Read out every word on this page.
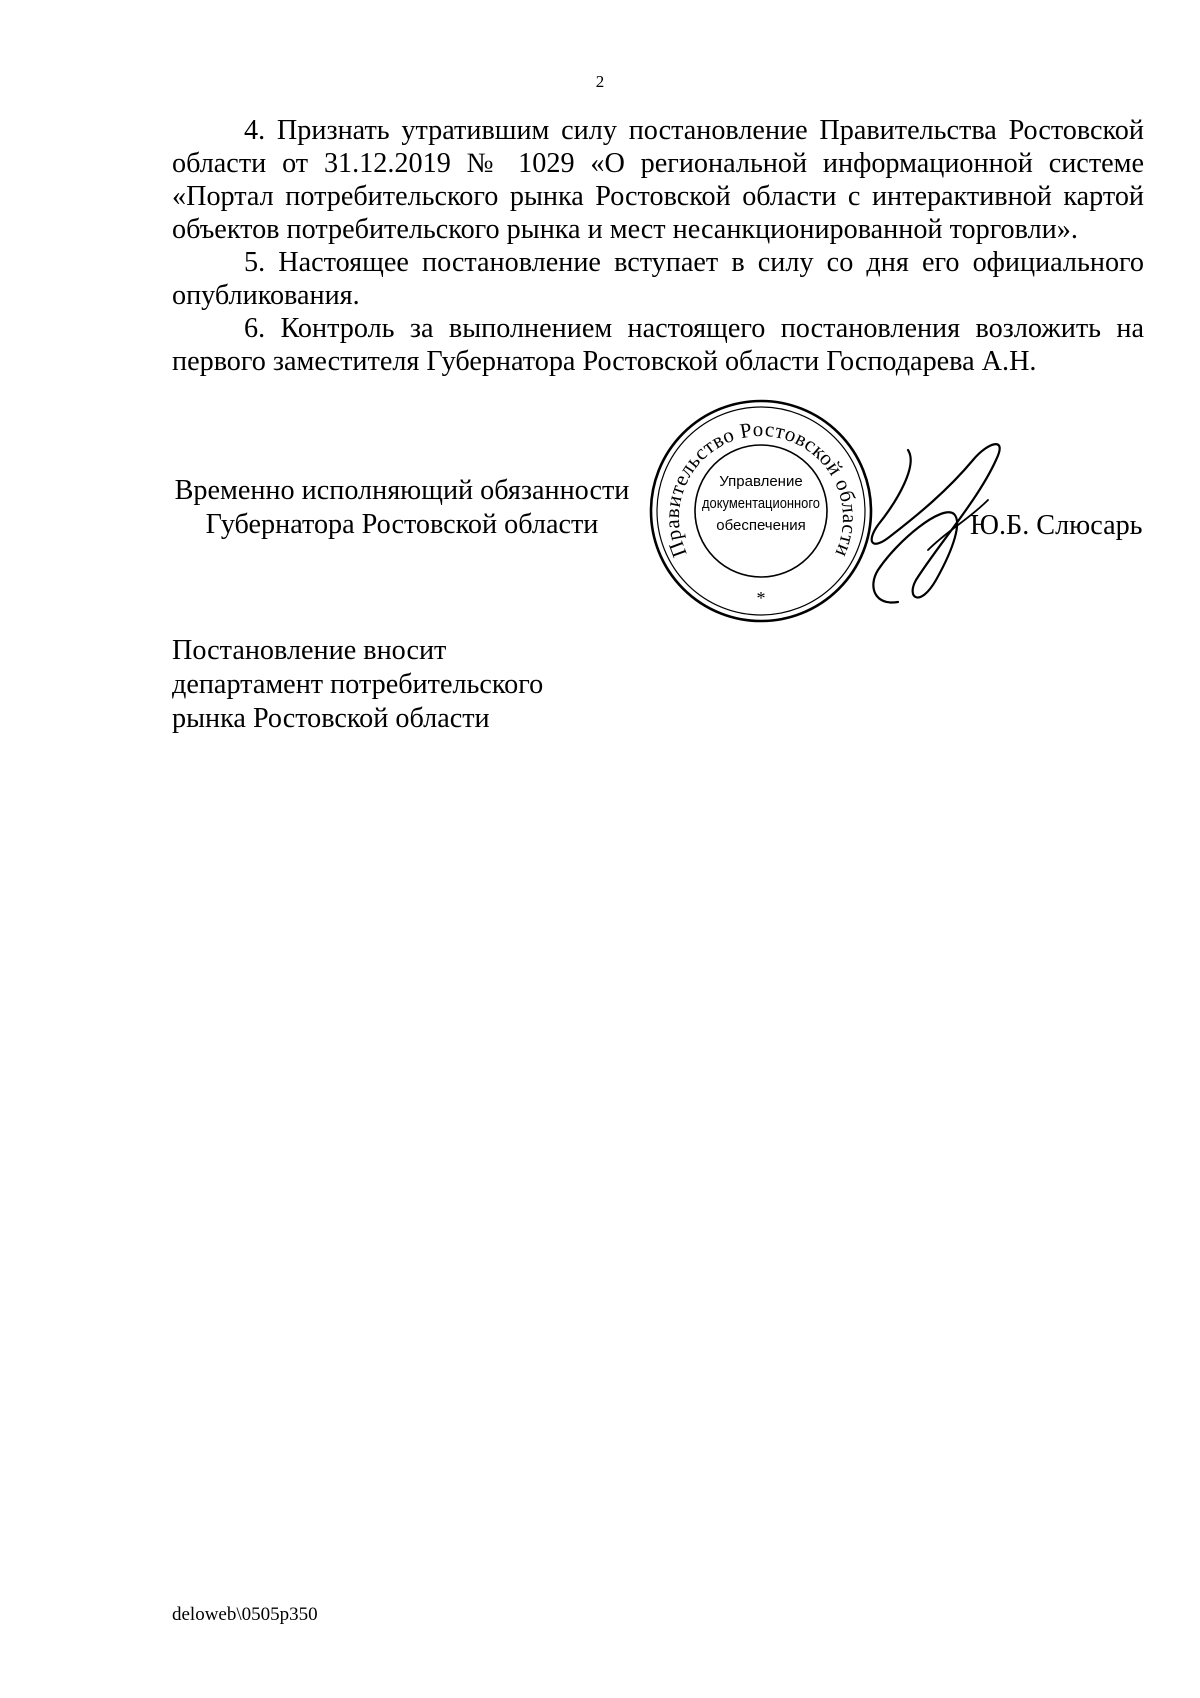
2

4. Признать утратившим силу постановление Правительства Ростовской области от 31.12.2019 № 1029 «О региональной информационной системе «Портал потребительского рынка Ростовской области с интерактивной картой объектов потребительского рынка и мест несанкционированной торговли».

5. Настоящее постановление вступает в силу со дня его официального опубликования.

6. Контроль за выполнением настоящего постановления возложить на первого заместителя Губернатора Ростовской области Господарева А.Н.

Временно исполняющий обязанности
Губернатора Ростовской области
Правительство Ростовской области
Управление
документационного
обеспечения
*
Ю.Б. Слюсарь
Постановление вносит
департамент потребительского
рынка Ростовской области
deloweb\0505p350
